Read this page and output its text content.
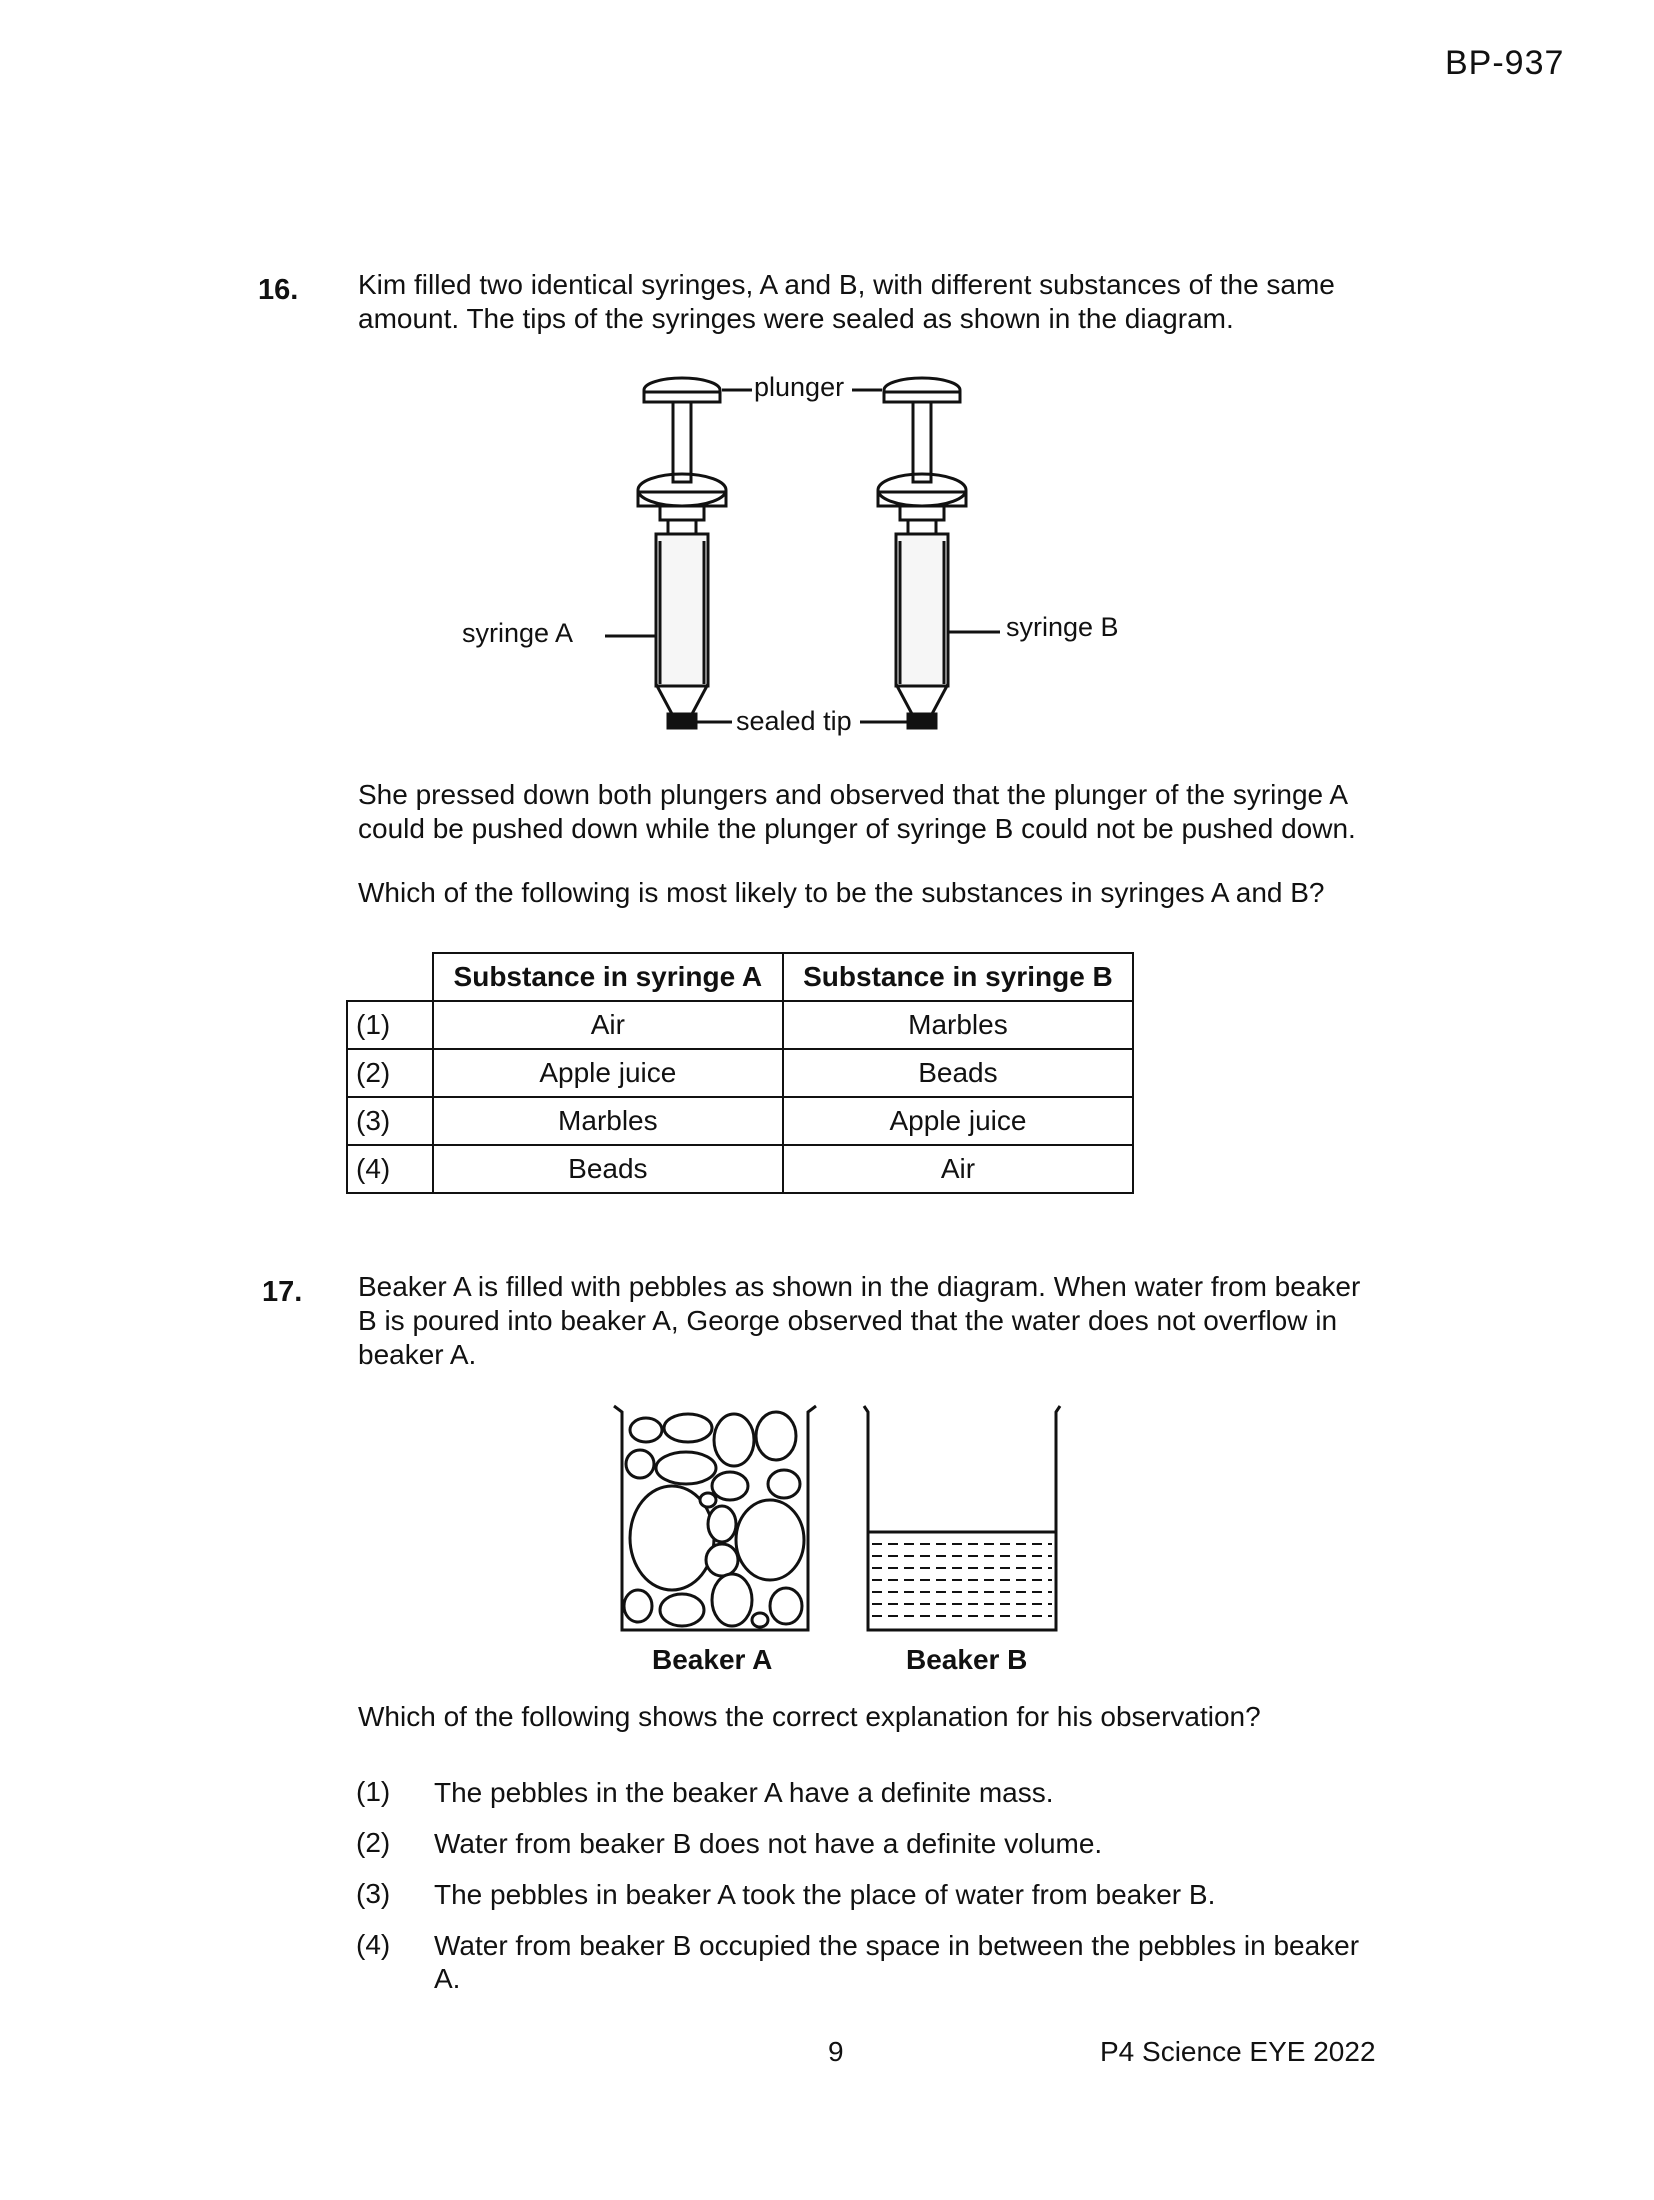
BP-937
16. Kim filled two identical syringes, A and B, with different substances of the same amount. The tips of the syringes were sealed as shown in the diagram.
plunger
syringe A	syringe B
sealed tip
She pressed down both plungers and observed that the plunger of the syringe A could be pushed down while the plunger of syringe B could not be pushed down.
Which of the following is most likely to be the substances in syringes A and B?
	Substance in syringe A	Substance in syringe B
(1)	Air	Marbles
(2)	Apple juice	Beads
(3)	Marbles	Apple juice
(4)	Beads	Air
17. Beaker A is filled with pebbles as shown in the diagram. When water from beaker B is poured into beaker A, George observed that the water does not overflow in beaker A.
Beaker A	Beaker B
Which of the following shows the correct explanation for his observation?
(1)	The pebbles in the beaker A have a definite mass.
(2)	Water from beaker B does not have a definite volume.
(3)	The pebbles in beaker A took the place of water from beaker B.
(4)	Water from beaker B occupied the space in between the pebbles in beaker A.
9	P4 Science EYE 2022
